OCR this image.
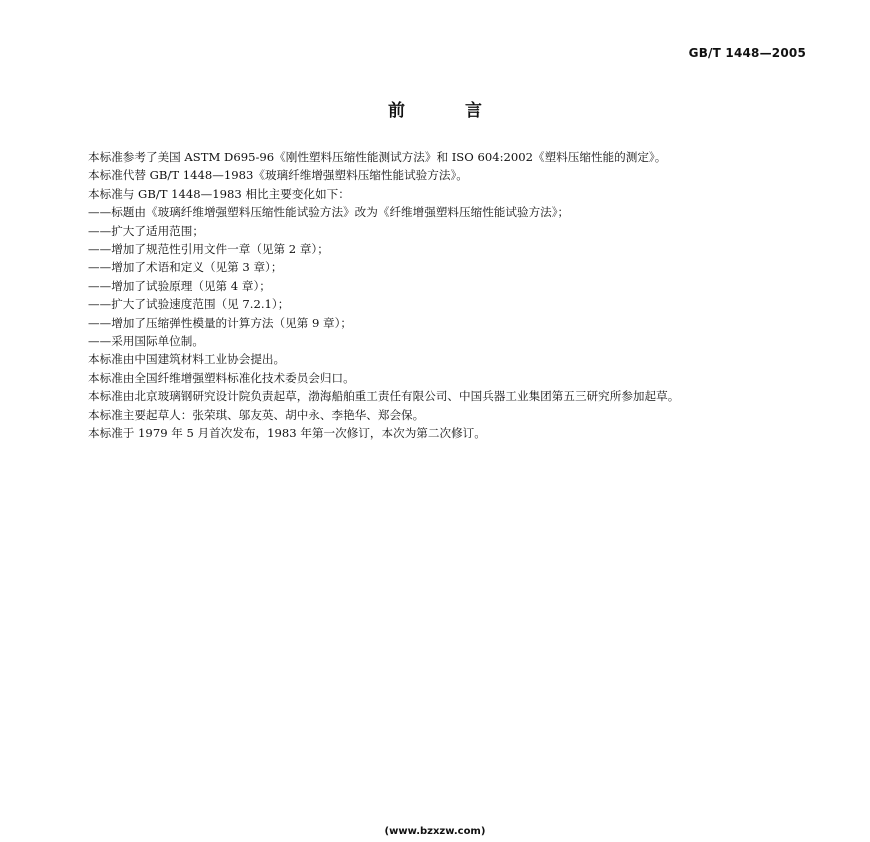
GB/T 1448—2005
前	言

本标准参考了美国 ASTM D695-96《刚性塑料压缩性能测试方法》和 ISO 604:2002《塑料压缩性能的测定》。

本标准代替 GB/T 1448—1983《玻璃纤维增强塑料压缩性能试验方法》。

本标准与 GB/T 1448—1983 相比主要变化如下：

——标题由《玻璃纤维增强塑料压缩性能试验方法》改为《纤维增强塑料压缩性能试验方法》；

——扩大了适用范围；

——增加了规范性引用文件一章（见第 2 章）；

——增加了术语和定义（见第 3 章）；

——增加了试验原理（见第 4 章）；

——扩大了试验速度范围（见 7.2.1）；

——增加了压缩弹性模量的计算方法（见第 9 章）；

——采用国际单位制。

本标准由中国建筑材料工业协会提出。

本标准由全国纤维增强塑料标准化技术委员会归口。

本标准由北京玻璃钢研究设计院负责起草，渤海船舶重工责任有限公司、中国兵器工业集团第五三研究所参加起草。

本标准主要起草人：张荣琪、邬友英、胡中永、李艳华、郑会保。

本标准于 1979 年 5 月首次发布，1983 年第一次修订，本次为第二次修订。

(www.bzxzw.com)
